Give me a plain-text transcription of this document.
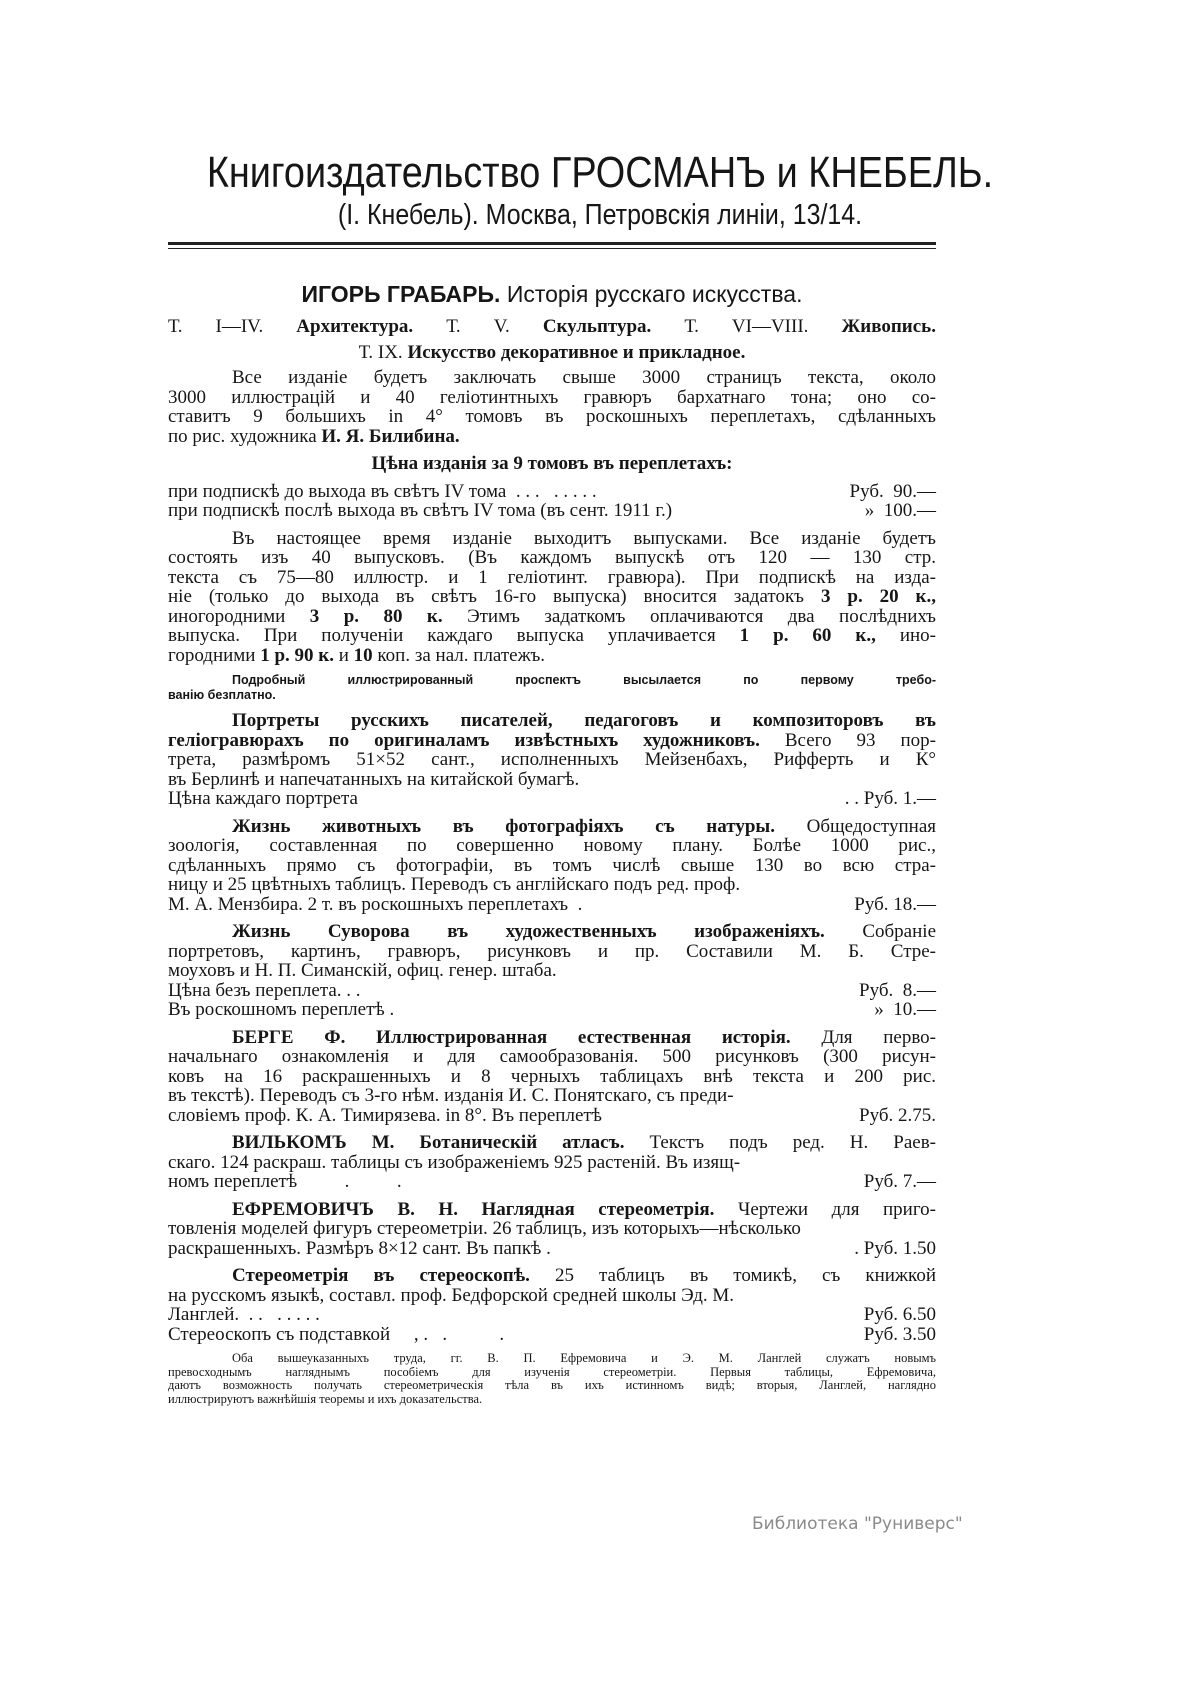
Книгоиздательство ГРОСМАНЪ и КНЕБЕЛЬ.
(І. Кнебель). Москва, Петровскія линіи, 13/14.
ИГОРЬ ГРАБАРЬ. Исторія русскаго искусства.
Т. I—IV. Архитектура. Т. V. Скульптура. Т. VI—VIII. Живопись.
Т. IX. Искусство декоративное и прикладное.
Все изданіе будетъ заключать свыше 3000 страницъ текста, около
3000 иллюстрацій и 40 геліотинтныхъ гравюръ бархатнаго тона; оно со-
ставитъ 9 большихъ in 4° томовъ въ роскошныхъ переплетахъ, сдѣланныхъ
по рис. художника И. Я. Билибина.
Цѣна изданія за 9 томовъ въ переплетахъ:
при подпискѣ до выхода въ свѣтъ IV тома  . . .   . . . . .	Руб.  90.—
при подпискѣ послѣ выхода въ свѣтъ IV тома (въ сент. 1911 г.)	»  100.—
Въ настоящее время изданіе выходитъ выпусками. Все изданіе будетъ
состоять изъ 40 выпусковъ. (Въ каждомъ выпускѣ отъ 120 — 130 стр.
текста съ 75—80 иллюстр. и 1 геліотинт. гравюра). При подпискѣ на изда-
ніе (только до выхода въ свѣтъ 16-го выпуска) вносится задатокъ 3 р. 20 к.,
иногородними 3 р. 80 к. Этимъ задаткомъ оплачиваются два послѣднихъ
выпуска. При полученіи каждаго выпуска уплачивается 1 р. 60 к., ино-
городними 1 р. 90 к. и 10 коп. за нал. платежъ.
Подробный иллюстрированный проспектъ высылается по первому требо-
ванію безплатно.
Портреты русскихъ писателей, педагоговъ и композиторовъ въ
геліогравюрахъ по оригиналамъ извѣстныхъ художниковъ. Всего 93 пор-
трета, размѣромъ 51×52 сант., исполненныхъ Мейзенбахъ, Рифферть и К°
въ Берлинѣ и напечатанныхъ на китайской бумагѣ.
Цѣна каждаго портрета	. . Руб. 1.—
Жизнь животныхъ въ фотографіяхъ съ натуры. Общедоступная
зоологія, составленная по совершенно новому плану. Болѣе 1000 рис.,
сдѣланныхъ прямо съ фотографіи, въ томъ числѣ свыше 130 во всю стра-
ницу и 25 цвѣтныхъ таблицъ. Переводъ съ англійскаго подъ ред. проф.
М. А. Мензбира. 2 т. въ роскошныхъ переплетахъ  .	Руб. 18.—
Жизнь Суворова въ художественныхъ изображеніяхъ. Собраніе
портретовъ, картинъ, гравюръ, рисунковъ и пр. Составили М. Б. Стре-
моуховъ и Н. П. Симанскій, офиц. генер. штаба.
Цѣна безъ переплета. . .	Руб.  8.—
Въ роскошномъ переплетѣ .	»  10.—
БЕРГЕ Ф. Иллюстрированная естественная исторія. Для перво-
начальнаго ознакомленія и для самообразованія. 500 рисунковъ (300 рисун-
ковъ на 16 раскрашенныхъ и 8 черныхъ таблицахъ внѣ текста и 200 рис.
въ текстѣ). Переводъ съ 3-го нѣм. изданія И. С. Понятскаго, съ преди-
словіемъ проф. К. А. Тимирязева. in 8°. Въ переплетѣ	Руб. 2.75.
ВИЛЬКОМЪ М. Ботаническій атласъ. Текстъ подъ ред. Н. Раев-
скаго. 124 раскраш. таблицы съ изображеніемъ 925 растеній. Въ изящ-
номъ переплетѣ          .          .	Руб. 7.—
ЕФРЕМОВИЧЪ В. Н. Наглядная стереометрія. Чертежи для приго-
товленія моделей фигуръ стереометріи. 26 таблицъ, изъ которыхъ—нѣсколько
раскрашенныхъ. Размѣръ 8×12 сант. Въ папкѣ .	. Руб. 1.50
Стереометрія въ стереоскопѣ. 25 таблицъ въ томикѣ, съ книжкой
на русскомъ языкѣ, составл. проф. Бедфорской средней школы Эд. М.
Ланглей.  . .   . . . . .	Руб. 6.50
Стереоскопъ съ подставкой     , .   .           .	Руб. 3.50
Оба вышеуказанныхъ труда, гг. В. П. Ефремовича и Э. М. Ланглей служатъ новымъ
превосходнымъ нагляднымъ пособіемъ для изученія стереометріи. Первыя таблицы, Ефремовича,
даютъ возможность получать стереометрическія тѣла въ ихъ истинномъ видѣ; вторыя, Ланглей, наглядно
иллюстрируютъ важнѣйшія теоремы и ихъ доказательства.
Библиотека "Руниверс"
